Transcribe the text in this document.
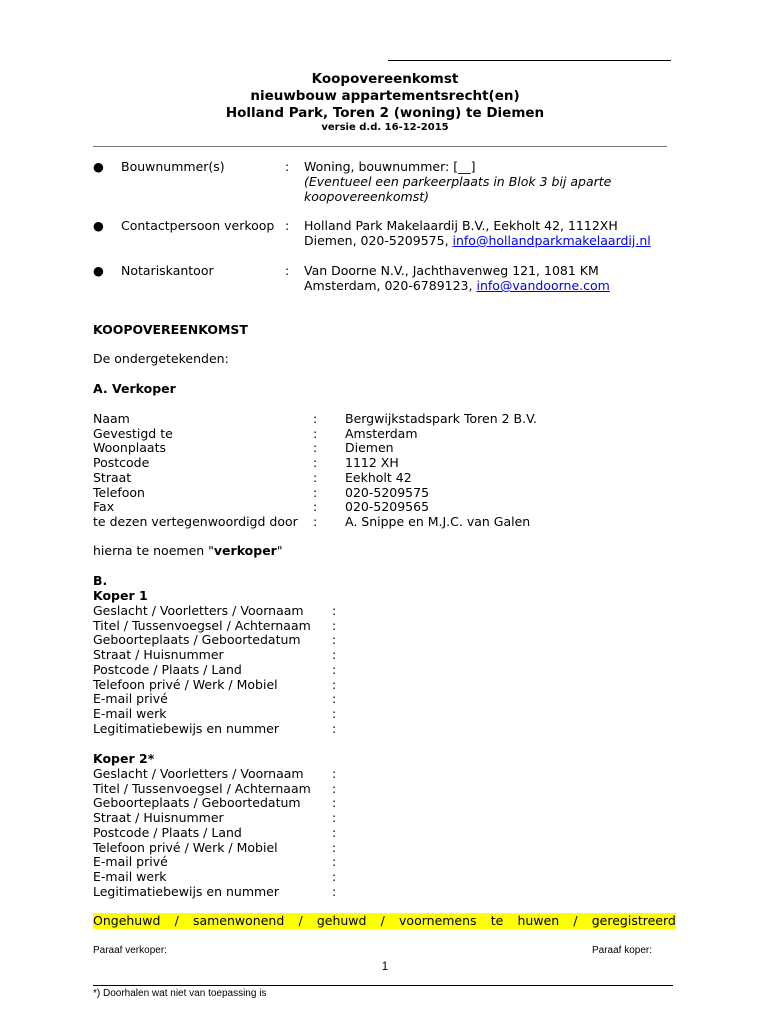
Koopovereenkomst
nieuwbouw appartementsrecht(en)
Holland Park, Toren 2 (woning) te Diemen
versie d.d. 16-12-2015
● Bouwnummer(s)	: Woning, bouwnummer: [__]
(Eventueel een parkeerplaats in Blok 3 bij aparte
koopovereenkomst)
● Contactpersoon verkoop : Holland Park Makelaardij B.V., Eekholt 42, 1112XH
Diemen, 020-5209575, info@hollandparkmakelaardij.nl
● Notariskantoor	: Van Doorne N.V., Jachthavenweg 121, 1081 KM
Amsterdam, 020-6789123, info@vandoorne.com
KOOPOVEREENKOMST
De ondergetekenden:
A. Verkoper
Naam	: Bergwijkstadspark Toren 2 B.V.
Gevestigd te	: Amsterdam
Woonplaats	: Diemen
Postcode	: 1112 XH
Straat	: Eekholt 42
Telefoon	: 020-5209575
Fax	: 020-5209565
te dezen vertegenwoordigd door : A. Snippe en M.J.C. van Galen
hierna te noemen "verkoper"
B.
Koper 1
Geslacht / Voorletters / Voornaam :
Titel / Tussenvoegsel / Achternaam :
Geboorteplaats / Geboortedatum	:
Straat / Huisnummer	:
Postcode / Plaats / Land	:
Telefoon privé / Werk / Mobiel	:
E-mail privé	:
E-mail werk	:
Legitimatiebewijs en nummer	:
Koper 2*
Geslacht / Voorletters / Voornaam :
Titel / Tussenvoegsel / Achternaam :
Geboorteplaats / Geboortedatum	:
Straat / Huisnummer	:
Postcode / Plaats / Land	:
Telefoon privé / Werk / Mobiel	:
E-mail privé	:
E-mail werk	:
Legitimatiebewijs en nummer	:
Ongehuwd / samenwonend / gehuwd / voornemens te huwen / geregistreerd
Paraaf verkoper:	Paraaf koper:
1
*) Doorhalen wat niet van toepassing is
